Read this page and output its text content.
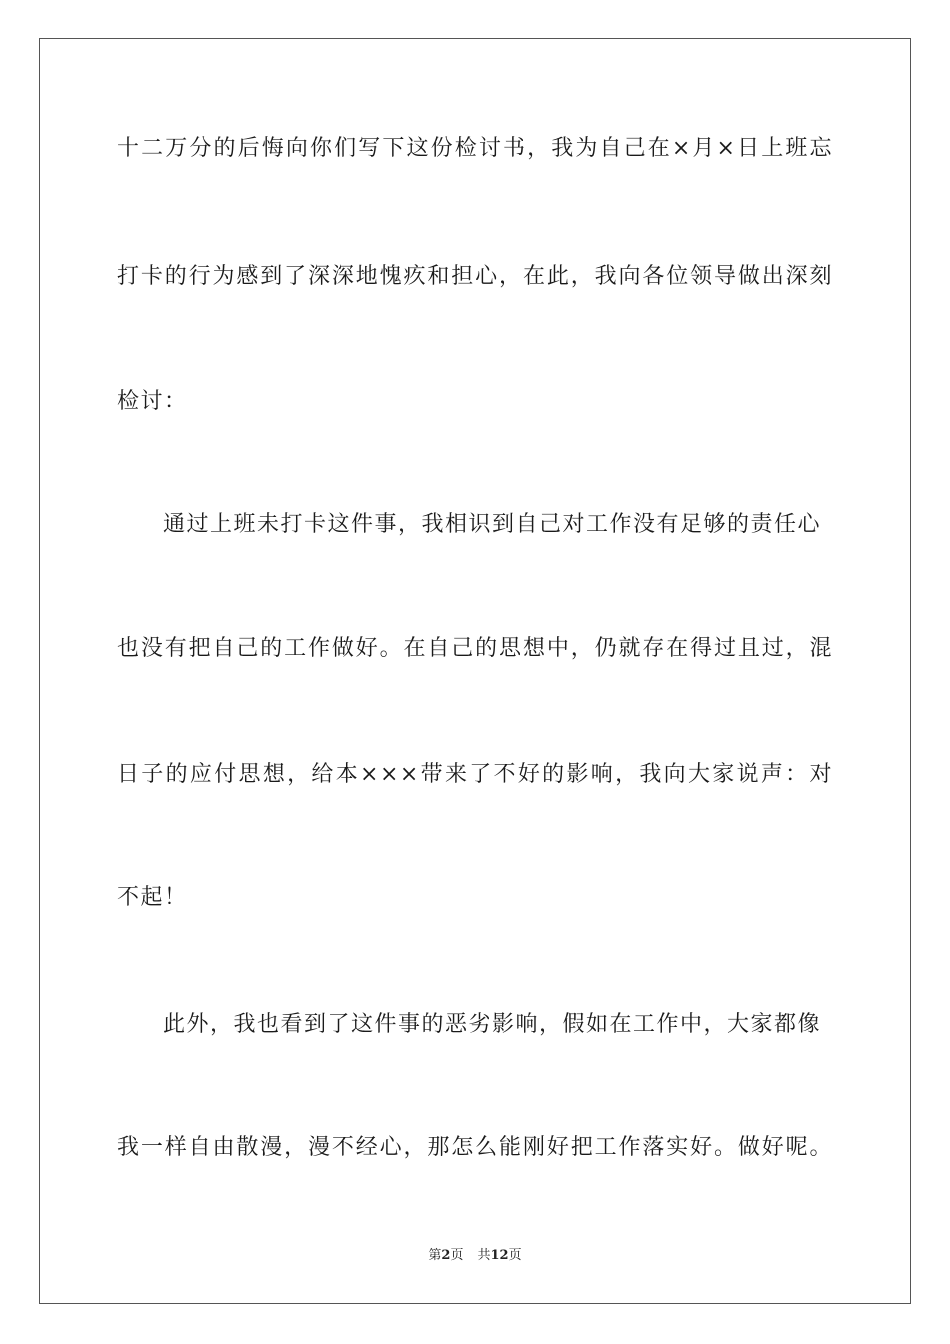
十二万分的后悔向你们写下这份检讨书，我为自己在×月×日上班忘
打卡的行为感到了深深地愧疚和担心，在此，我向各位领导做出深刻
检讨：
通过上班未打卡这件事，我相识到自己对工作没有足够的责任心
也没有把自己的工作做好。在自己的思想中，仍就存在得过且过，混
日子的应付思想，给本×××带来了不好的影响，我向大家说声：对
不起！
此外，我也看到了这件事的恶劣影响，假如在工作中，大家都像
我一样自由散漫，漫不经心，那怎么能刚好把工作落实好。做好呢。
第2页 共12页
